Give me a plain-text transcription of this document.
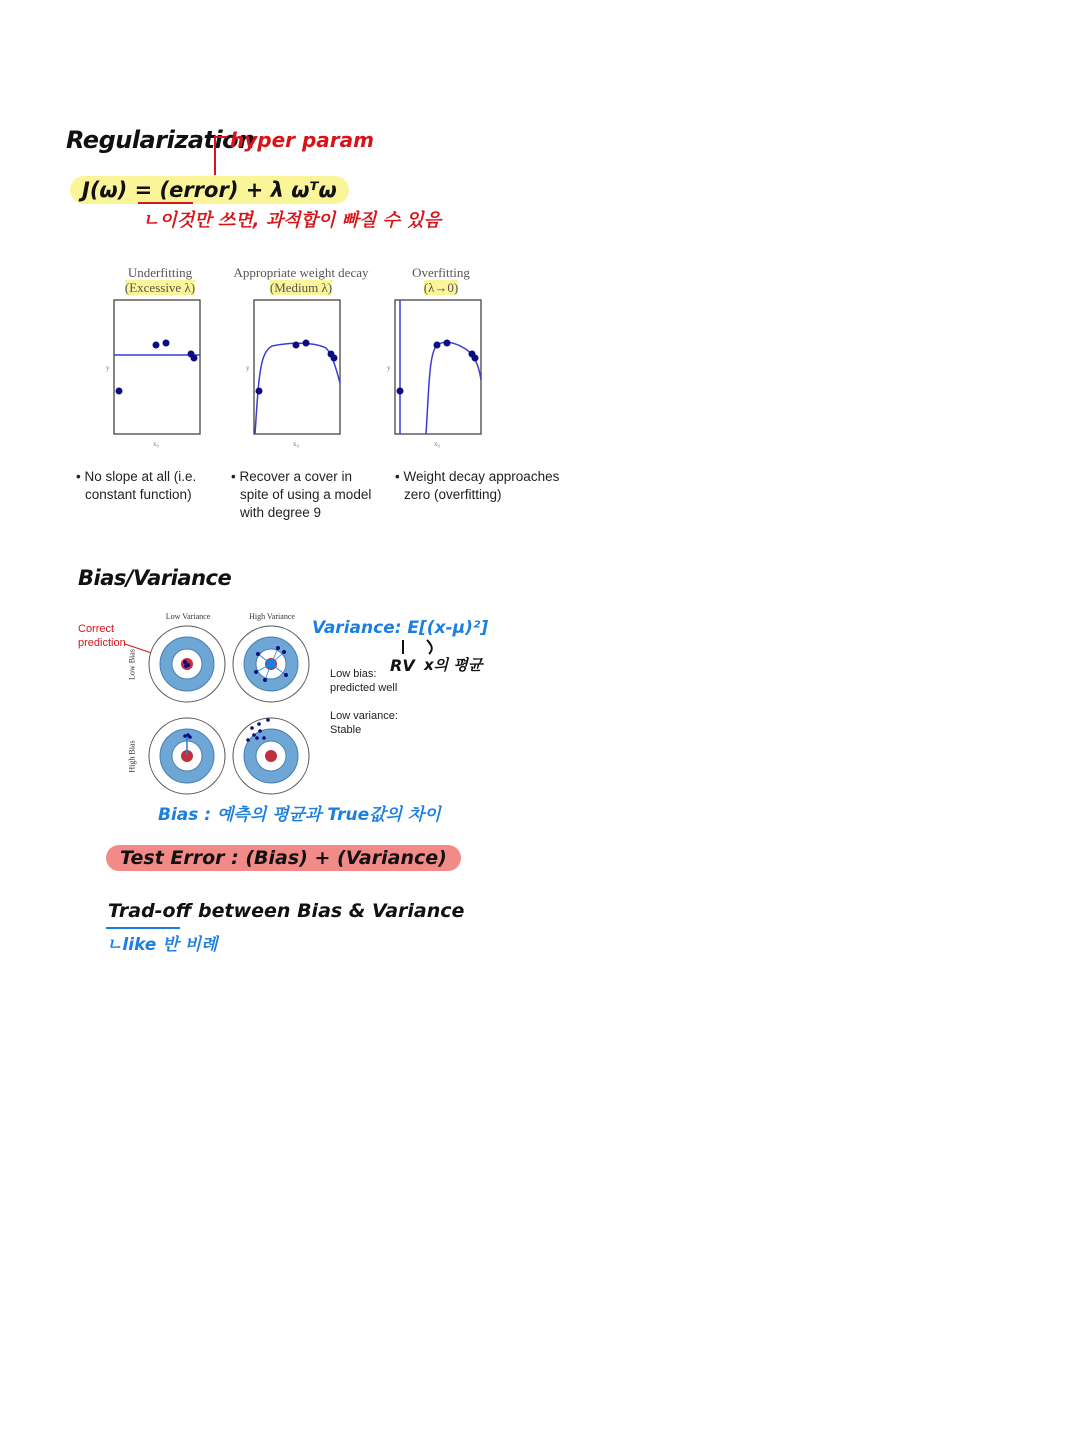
Regularization
hyper param
J(ω) = (error) + λ ωᵀω
ㄴ이것만 쓰면, 과적합이 빠질 수 있음
Underfitting
(Excessive λ)
Appropriate weight decay
(Medium λ)
Overfitting
(λ→0)
y
x₀
y
x₀
y
x₀
• No slope at all (i.e.
constant function)
• Recover a cover in
spite of using a model
with degree 9
• Weight decay approaches
zero (overfitting)
Bias/Variance
Low Variance	High Variance
Low Bias
High Bias
Correct
prediction
Variance: E[(x-μ)²]
RV x의 평균
Low bias:
predicted well
Low variance:
Stable
Bias : 예측의 평균과 True값의 차이
Test Error : (Bias) + (Variance)
Trad-off between Bias & Variance
ㄴlike 반 비례
